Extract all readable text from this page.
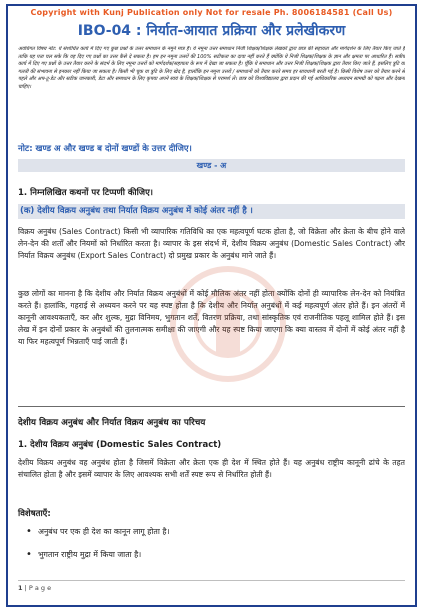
Copyright with Kunj Publication only Not for resale Ph. 8006184581 (Call Us)
IBO-04 : निर्यात-आयात प्रक्रिया और प्रलेखीकरण
अवधिगत विषय नोट: ये संशोधित कार्य में दिए गए कुछ प्रश्नों के उत्तर समाधान के नमूने मात्र हैं। ये नमूना उत्तर समाधान निजी शिक्षक/शिक्षक लेखकों द्वारा छात्र की सहायता और मार्गदर्शन के लिए तैयार किए जाते हैं ताकि यह पता चल सके कि वह दिए गए प्रश्नों का उत्तर कैसे दे सकता है। हम इन नमूना उत्तरों की 100% सटीकता का दावा नहीं करते हैं क्योंकि ये निजी शिक्षक/शिक्षक के ज्ञान और क्षमता पर आधारित हैं। सत्रीय कार्य में दिए गए प्रश्नों के उत्तर तैयार करने के संदर्भ के लिए नमूना उत्तरों को मार्गदर्शक/सहायता के रूप में देखा जा सकता है। चूँकि ये समाधान और उत्तर निजी शिक्षक/शिक्षक द्वारा तैयार किए जाते हैं, इसलिए त्रुटि या गलती की संभावना से इनकार नहीं किया जा सकता है। किसी भी चूक या त्रुटि के लिए खेद है, हालाँकि इन नमूना उत्तरों / समाधानों को तैयार करते समय हर सावधानी बरती गई है। किसी विशेष उत्तर को तैयार करने से पहले और अप-टू-डेट और सटीक जानकारी, डेटा और समाधान के लिए कृपया अपने स्वयं के शिक्षक/शिक्षक से परामर्श लें। छात्र को विश्वविद्यालय द्वारा प्रदान की गई आधिकारिक अध्ययन सामग्री को पढ़ना और देखना चाहिए।
नोट: खण्ड अ और खण्ड ब दोनों खण्डों के उत्तर दीजिए।
खण्ड - अ
1. निम्नलिखित कथनों पर टिप्पणी कीजिए।
(क) देशीय विक्रय अनुबंध तथा निर्यात विक्रय अनुबंध में कोई अंतर नहीं है ।
विक्रय अनुबंध (Sales Contract) किसी भी व्यापारिक गतिविधि का एक महत्वपूर्ण घटक होता है, जो विक्रेता और क्रेता के बीच होने वाले लेन-देन की शर्तों और नियमों को निर्धारित करता है। व्यापार के इस संदर्भ में, देशीय विक्रय अनुबंध (Domestic Sales Contract) और निर्यात विक्रय अनुबंध (Export Sales Contract) दो प्रमुख प्रकार के अनुबंध माने जाते हैं।
कुछ लोगों का मानना है कि देशीय और निर्यात विक्रय अनुबंधों में कोई मौलिक अंतर नहीं होता क्योंकि दोनों ही व्यापारिक लेन-देन को नियंत्रित करते हैं। हालांकि, गहराई से अध्ययन करने पर यह स्पष्ट होता है कि देशीय और निर्यात अनुबंधों में कई महत्वपूर्ण अंतर होते हैं। इन अंतरों में कानूनी आवश्यकताएँ, कर और शुल्क, मुद्रा विनिमय, भुगतान शर्तें, वितरण प्रक्रिया, तथा सांस्कृतिक एवं राजनीतिक पहलू शामिल होते हैं। इस लेख में इन दोनों प्रकार के अनुबंधों की तुलनात्मक समीक्षा की जाएगी और यह स्पष्ट किया जाएगा कि क्या वास्तव में दोनों में कोई अंतर नहीं है या फिर महत्वपूर्ण भिन्नताएँ पाई जाती हैं।
देशीय विक्रय अनुबंध और निर्यात विक्रय अनुबंध का परिचय
1. देशीय विक्रय अनुबंध (Domestic Sales Contract)
देशीय विक्रय अनुबंध वह अनुबंध होता है जिसमें विक्रेता और क्रेता एक ही देश में स्थित होते हैं। यह अनुबंध राष्ट्रीय कानूनी ढांचे के तहत संचालित होता है और इसमें व्यापार के लिए आवश्यक सभी शर्तें स्पष्ट रूप से निर्धारित होती हैं।
विशेषताएँ:
• अनुबंध पर एक ही देश का कानून लागू होता है।
• भुगतान राष्ट्रीय मुद्रा में किया जाता है।
1 | P a g e
